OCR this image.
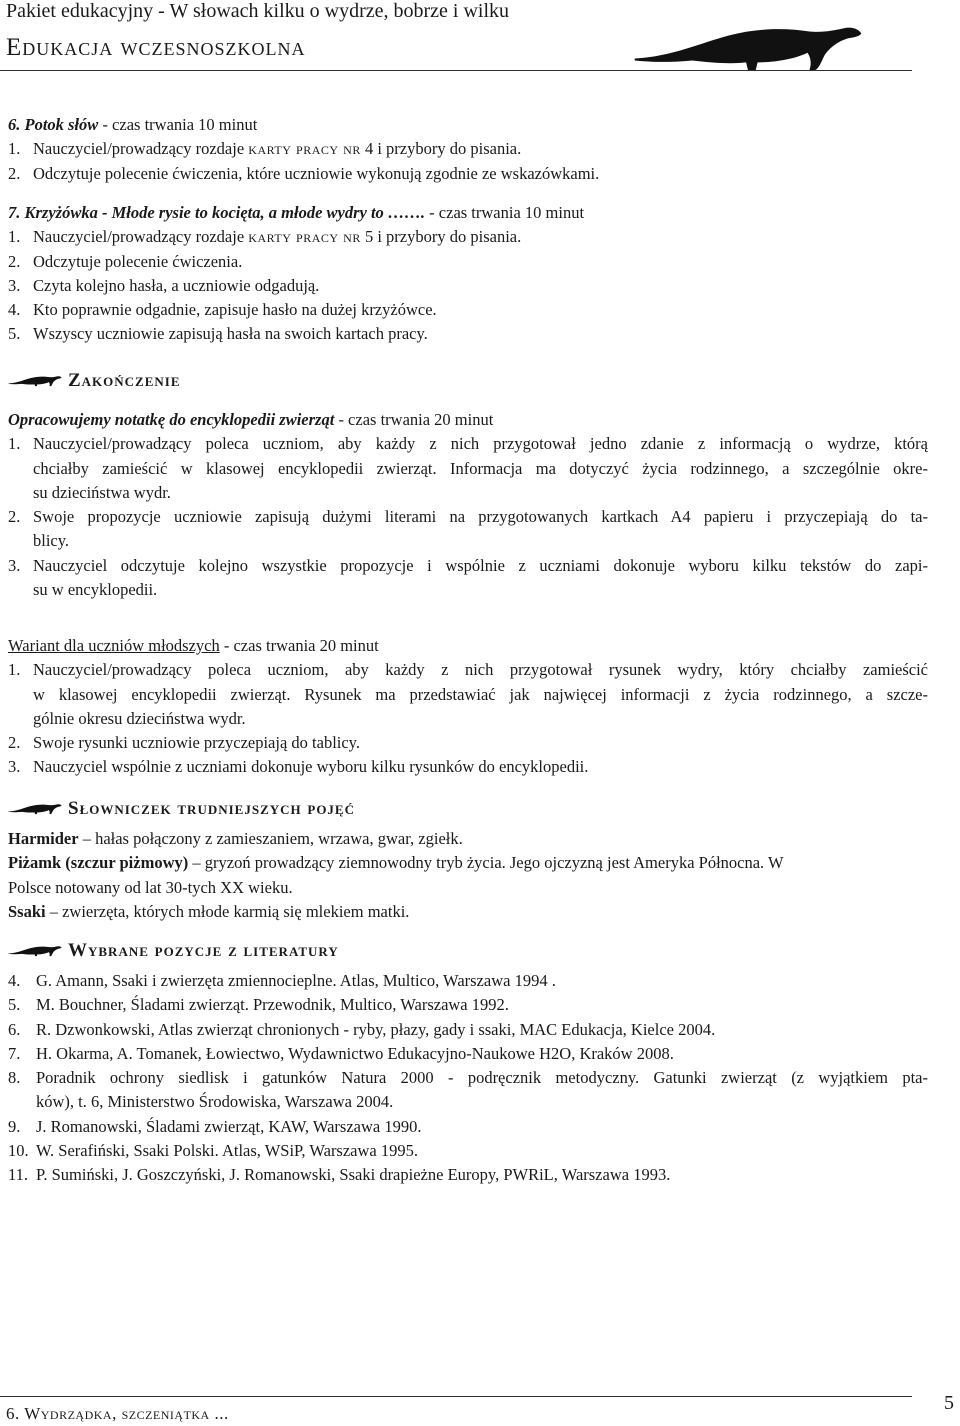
Pakiet edukacyjny - W słowach kilku o wydrze, bobrze i wilku
Edukacja wczesnoszkolna
6. Potok słów - czas trwania 10 minut
1. Nauczyciel/prowadzący rozdaje karty pracy nr 4 i przybory do pisania.
2. Odczytuje polecenie ćwiczenia, które uczniowie wykonują zgodnie ze wskazówkami.
7. Krzyżówka - Młode rysie to kocięta, a młode wydry to ……. - czas trwania 10 minut
1. Nauczyciel/prowadzący rozdaje karty pracy nr 5 i przybory do pisania.
2. Odczytuje polecenie ćwiczenia.
3. Czyta kolejno hasła, a uczniowie odgadują.
4. Kto poprawnie odgadnie, zapisuje hasło na dużej krzyżówce.
5. Wszyscy uczniowie zapisują hasła na swoich kartach pracy.
Zakończenie
Opracowujemy notatkę do encyklopedii zwierząt - czas trwania 20 minut
1. Nauczyciel/prowadzący poleca uczniom, aby każdy z nich przygotował jedno zdanie z informacją o wydrze, którą
chciałby zamieścić w klasowej encyklopedii zwierząt. Informacja ma dotyczyć życia rodzinnego, a szczególnie okre-
su dzieciństwa wydr.
2. Swoje propozycje uczniowie zapisują dużymi literami na przygotowanych kartkach A4 papieru i przyczepiają do ta-
blicy.
3. Nauczyciel odczytuje kolejno wszystkie propozycje i wspólnie z uczniami dokonuje wyboru kilku tekstów do zapi-
su w encyklopedii.
Wariant dla uczniów młodszych - czas trwania 20 minut
1. Nauczyciel/prowadzący poleca uczniom, aby każdy z nich przygotował rysunek wydry, który chciałby zamieścić
w klasowej encyklopedii zwierząt. Rysunek ma przedstawiać jak najwięcej informacji z życia rodzinnego, a szcze-
gólnie okresu dzieciństwa wydr.
2. Swoje rysunki uczniowie przyczepiają do tablicy.
3. Nauczyciel wspólnie z uczniami dokonuje wyboru kilku rysunków do encyklopedii.
Słowniczek trudniejszych pojęć
Harmider – hałas połączony z zamieszaniem, wrzawa, gwar, zgiełk.
Piżamk (szczur piżmowy) – gryzoń prowadzący ziemnowodny tryb życia. Jego ojczyzną jest Ameryka Północna. W
Polsce notowany od lat 30-tych XX wieku.
Ssaki – zwierzęta, których młode karmią się mlekiem matki.
Wybrane pozycje z literatury
4. G. Amann, Ssaki i zwierzęta zmiennocieplne. Atlas, Multico, Warszawa 1994 .
5. M. Bouchner, Śladami zwierząt. Przewodnik, Multico, Warszawa 1992.
6. R. Dzwonkowski, Atlas zwierząt chronionych - ryby, płazy, gady i ssaki, MAC Edukacja, Kielce 2004.
7. H. Okarma, A. Tomanek, Łowiectwo, Wydawnictwo Edukacyjno-Naukowe H2O, Kraków 2008.
8. Poradnik ochrony siedlisk i gatunków Natura 2000 - podręcznik metodyczny. Gatunki zwierząt (z wyjątkiem pta-
ków), t. 6, Ministerstwo Środowiska, Warszawa 2004.
9. J. Romanowski, Śladami zwierząt, KAW, Warszawa 1990.
10. W. Serafiński, Ssaki Polski. Atlas, WSiP, Warszawa 1995.
11. P. Sumiński, J. Goszczyński, J. Romanowski, Ssaki drapieżne Europy, PWRiL, Warszawa 1993.
6. Wydrządka, szczeniątka ...	5
